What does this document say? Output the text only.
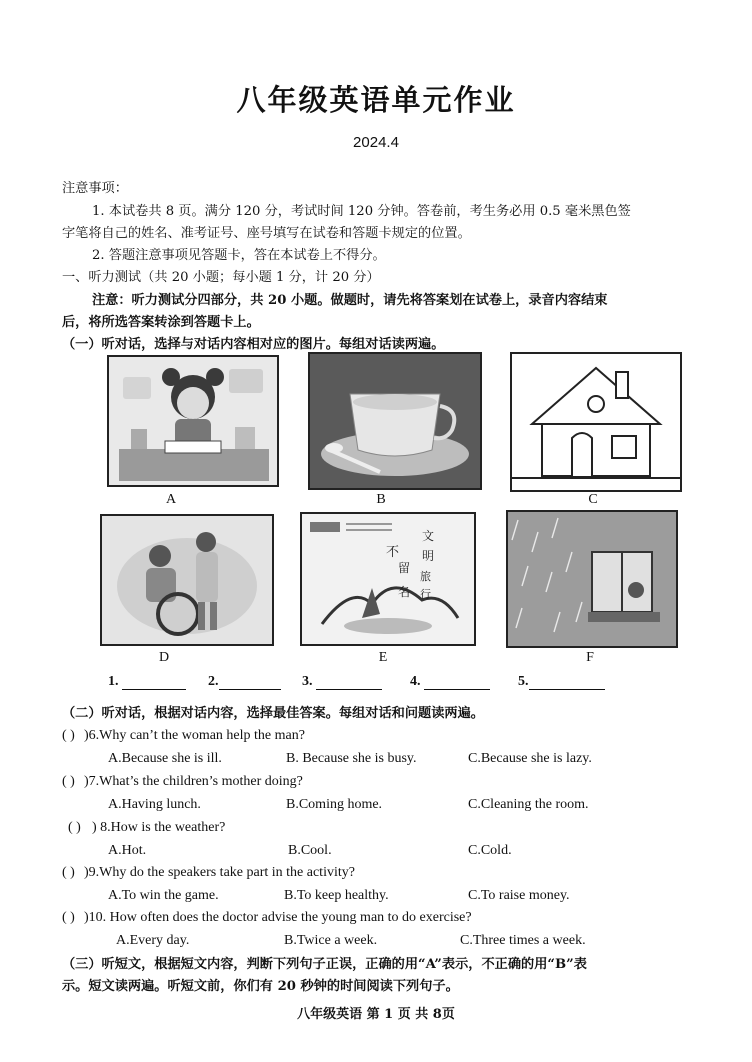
八年级英语单元作业
2024.4
注意事项：
1. 本试卷共 8 页。满分 120 分，考试时间 120 分钟。答卷前，考生务必用 0.5 毫米黑色签
字笔将自己的姓名、准考证号、座号填写在试卷和答题卡规定的位置。
2. 答题注意事项见答题卡，答在本试卷上不得分。
一、听力测试（共 20 小题；每小题 1 分，计 20 分）
注意：听力测试分四部分，共 20 小题。做题时，请先将答案划在试卷上，录音内容结束
后，将所选答案转涂到答题卡上。
（一）听对话，选择与对话内容相对应的图片。每组对话读两遍。
A	B	C
D
不
文
明
留
旅
行
名
E	F
1.	2.	3.	4.	5.
（二）听对话，根据对话内容，选择最佳答案。每组对话和问题读两遍。
( ) )6.Why can’t the woman help the man?
A.Because she is ill.	B. Because she is busy.	C.Because she is lazy.
( ) )7.What’s the children’s mother doing?
A.Having lunch.	B.Coming home.	C.Cleaning the room.
( ) ) 8.How is the weather?
A.Hot.	B.Cool.	C.Cold.
( ) )9.Why do the speakers take part in the activity?
A.To win the game.	B.To keep healthy.	C.To raise money.
( ) )10. How often does the doctor advise the young man to do exercise?
A.Every day.	B.Twice a week.	C.Three times a week.
（三）听短文，根据短文内容，判断下列句子正误，正确的用“A”表示，不正确的用“B”表
示。短文读两遍。听短文前，你们有 20 秒钟的时间阅读下列句子。
八年级英语 第 1 页 共 8页
